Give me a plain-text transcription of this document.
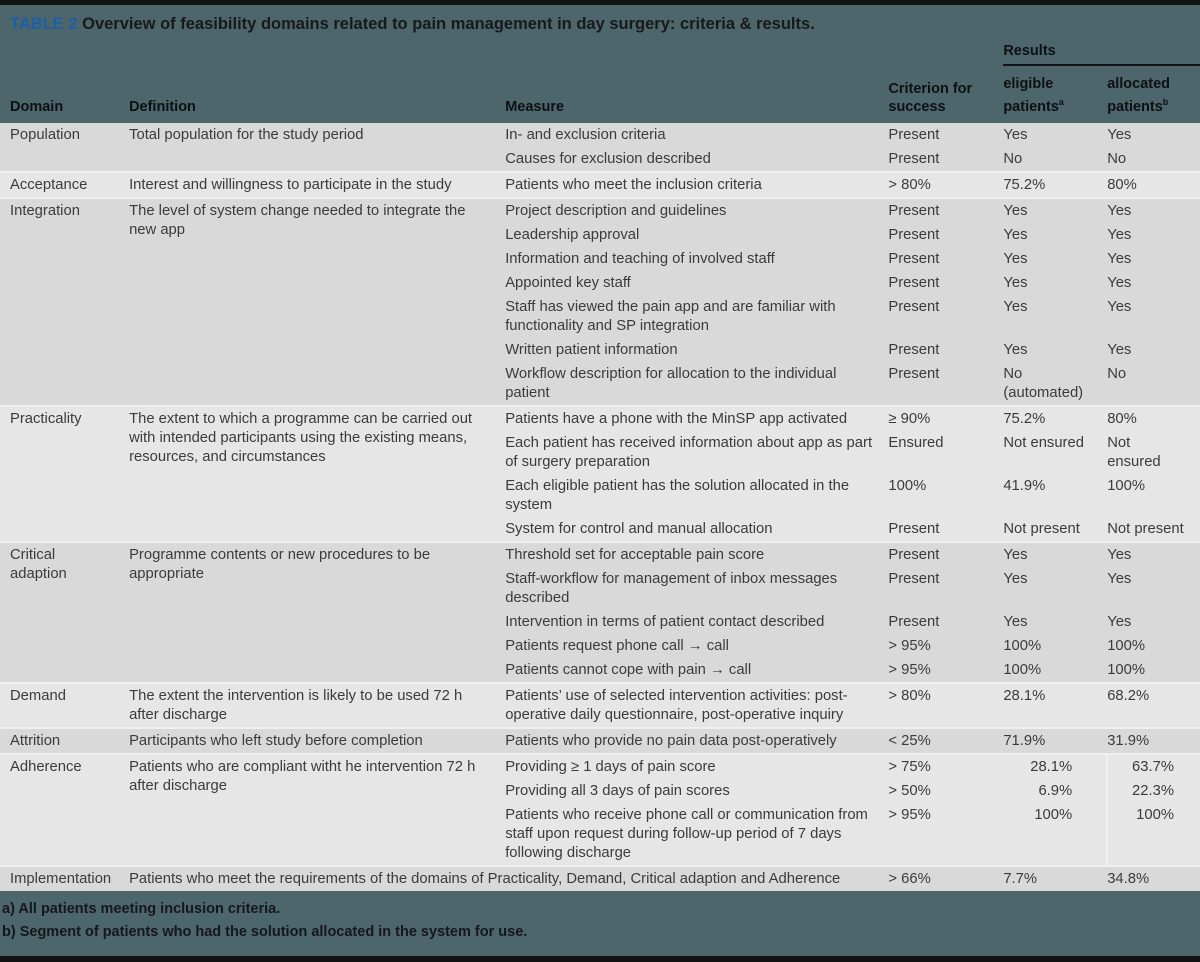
TABLE 2 Overview of feasibility domains related to pain management in day surgery: criteria & results.
				Results	
Domain	Definition	Measure	Criterion for success	eligible patients$^a$	allocated patients$^b$
Population	Total population for the study period	In- and exclusion criteria	Present	Yes	Yes
		Causes for exclusion described	Present	No	No
Acceptance	Interest and willingness to participate in the study	Patients who meet the inclusion criteria	> 80%	75.2%	80%
Integration	The level of system change needed to integrate the new app	Project description and guidelines	Present	Yes	Yes
		Leadership approval	Present	Yes	Yes
		Information and teaching of involved staff	Present	Yes	Yes
		Appointed key staff	Present	Yes	Yes
		Staff has viewed the pain app and are familiar with functionality and SP integration	Present	Yes	Yes
		Written patient information	Present	Yes	Yes
		Workflow description for allocation to the individual patient	Present	No (automated)	No
Practicality	The extent to which a programme can be carried out with intended participants using the existing means, resources, and circumstances	Patients have a phone with the MinSP app activated	≥ 90%	75.2%	80%
		Each patient has received information about app as part of surgery preparation	Ensured	Not ensured	Not ensured
		Each eligible patient has the solution allocated in the system	100%	41.9%	100%
		System for control and manual allocation	Present	Not present	Not present
Critical adaption	Programme contents or new procedures to be appropriate	Threshold set for acceptable pain score	Present	Yes	Yes
		Staff-workflow for management of inbox messages described	Present	Yes	Yes
		Intervention in terms of patient contact described	Present	Yes	Yes
		Patients request phone call → call	> 95%	100%	100%
		Patients cannot cope with pain → call	> 95%	100%	100%
Demand	The extent the intervention is likely to be used 72 h after discharge	Patients’ use of selected intervention activities: post-operative daily questionnaire, post-operative inquiry	> 80%	28.1%	68.2%
Attrition	Participants who left study before completion	Patients who provide no pain data post-operatively	< 25%	71.9%	31.9%
Adherence	Patients who are compliant witht he intervention 72 h after discharge	Providing ≥ 1 days of pain score	> 75%	28.1%	63.7%
		Providing all 3 days of pain scores	> 50%	6.9%	22.3%
		Patients who receive phone call or communication from staff upon request during follow-up period of 7 days following discharge	> 95%	100%	100%
Implementation	Patients who meet the requirements of the domains of Practicality, Demand, Critical adaption and Adherence		> 66%	7.7%	34.8%
a) All patients meeting inclusion criteria.
b) Segment of patients who had the solution allocated in the system for use.
